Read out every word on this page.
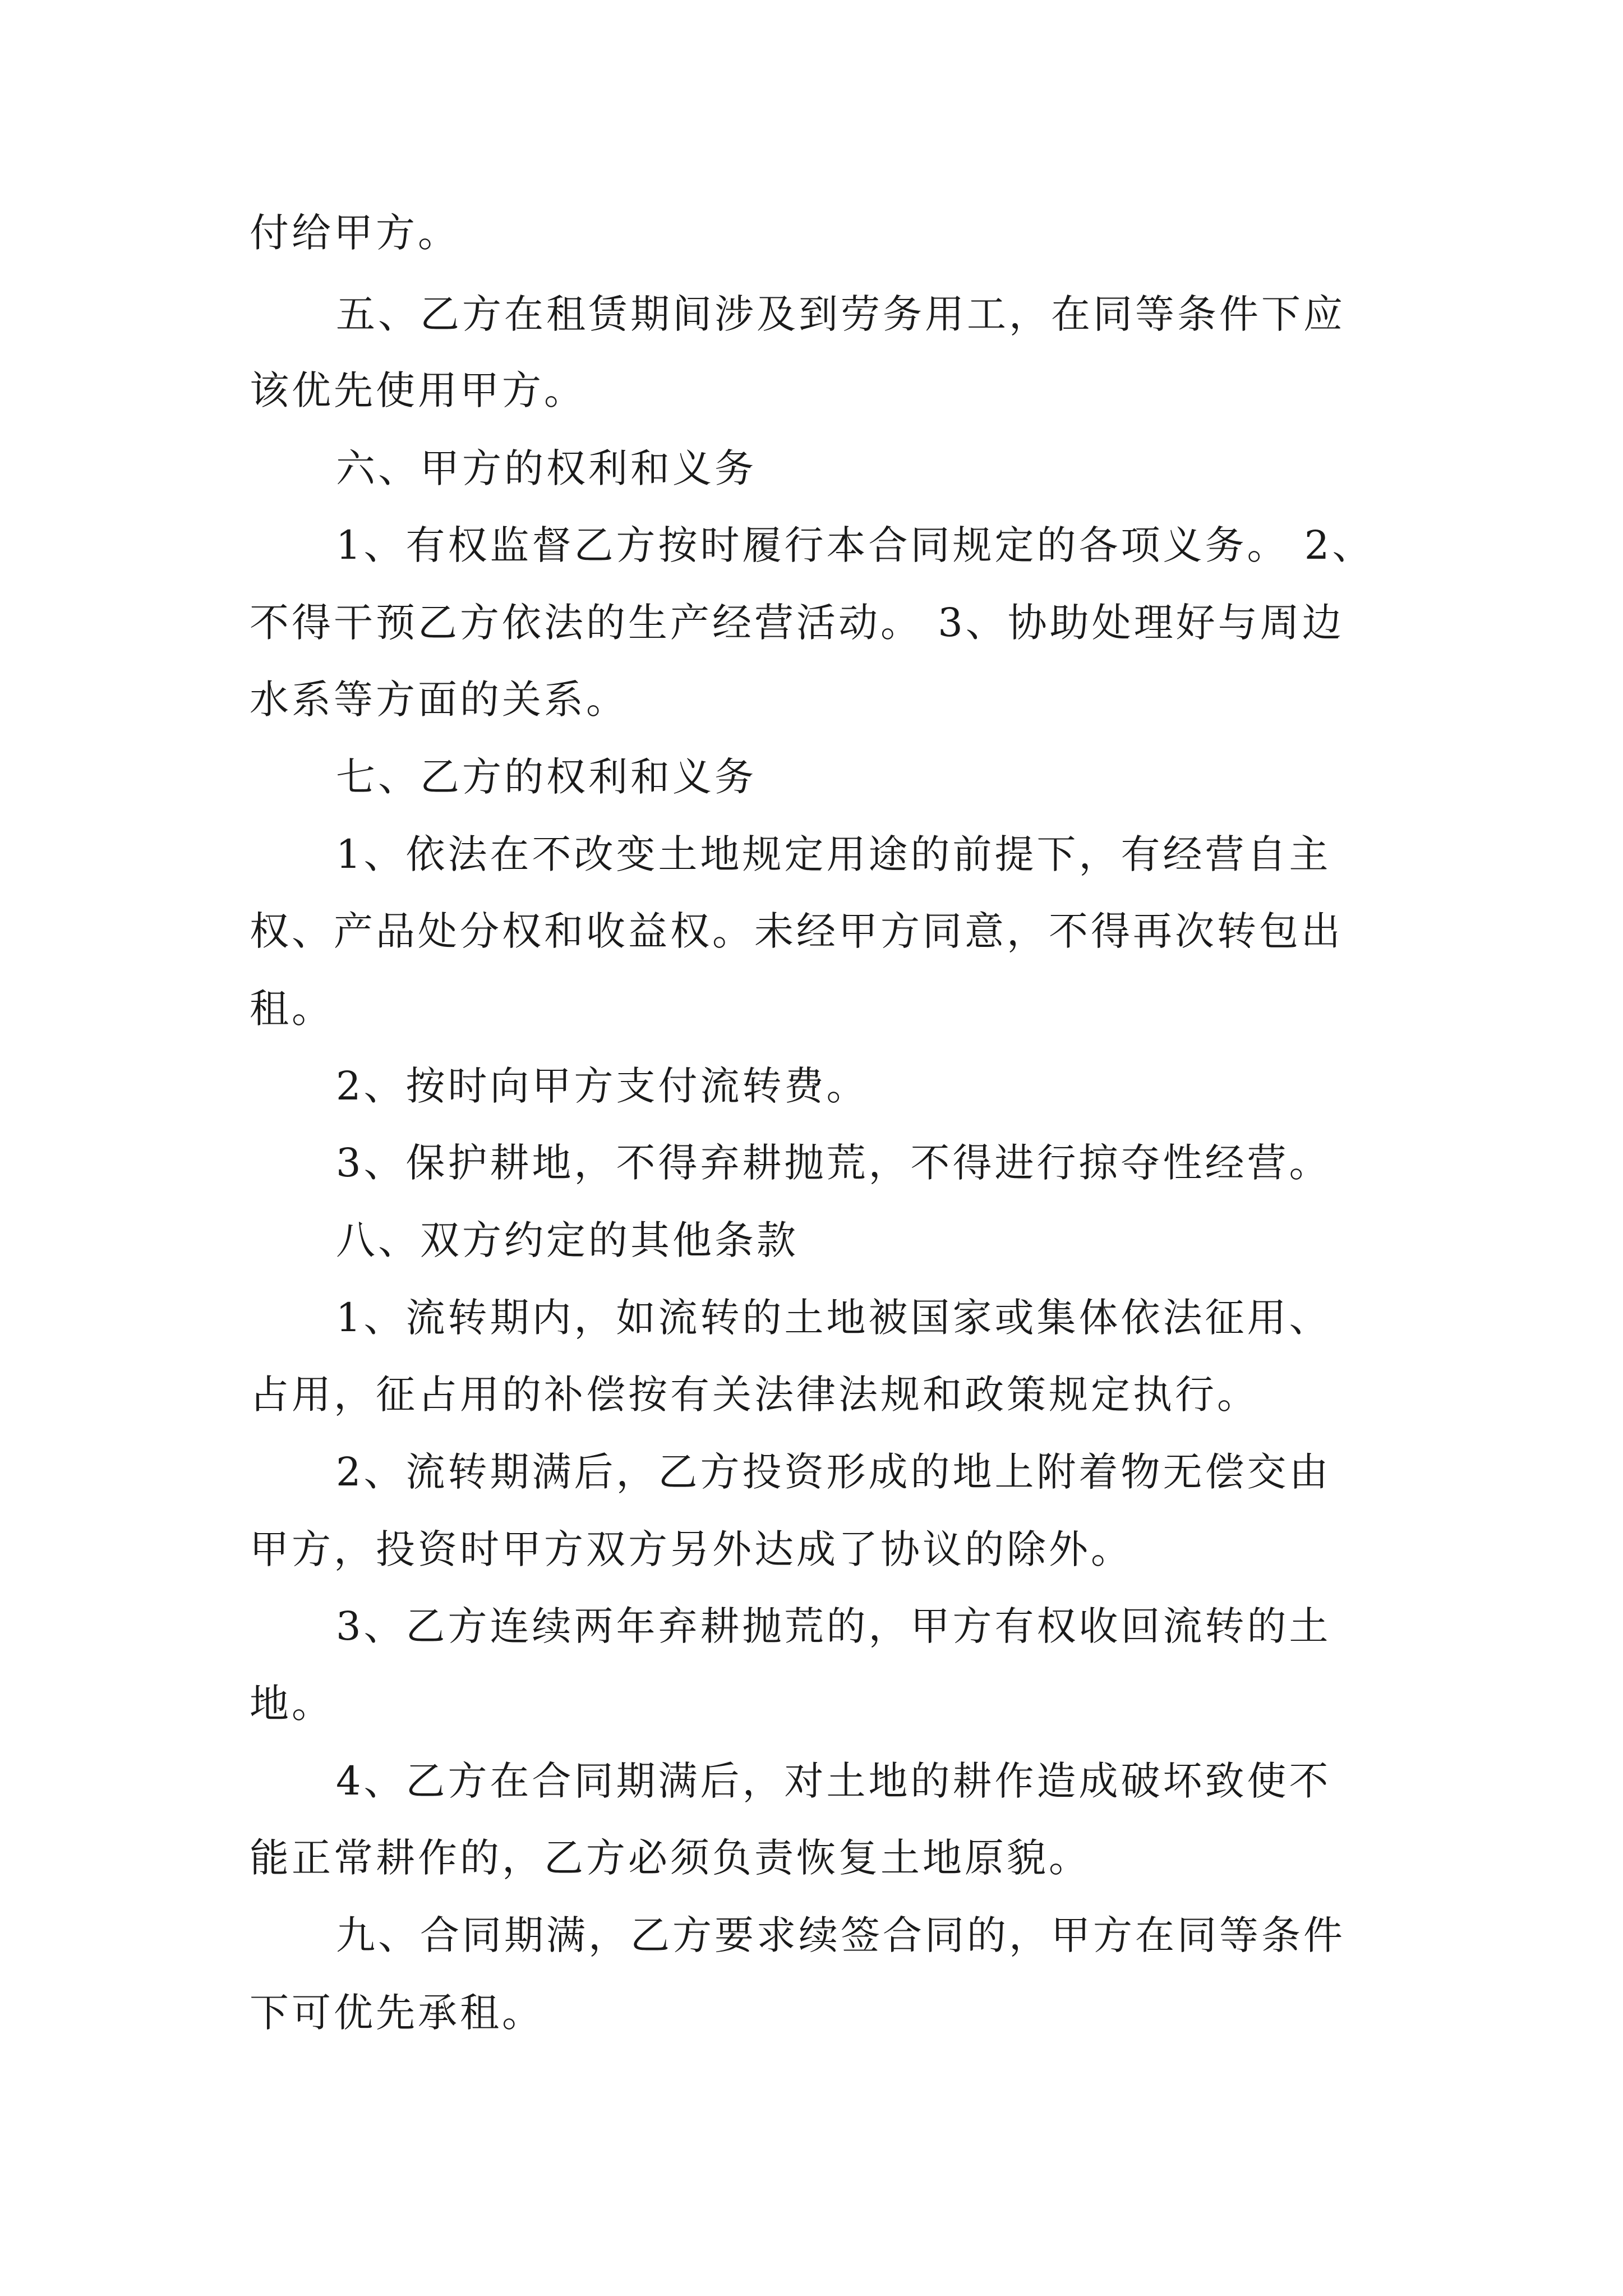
付给甲方。

五、乙方在租赁期间涉及到劳务用工，在同等条件下应

该优先使用甲方。

六、甲方的权利和义务

1、有权监督乙方按时履行本合同规定的各项义务。 2、

不得干预乙方依法的生产经营活动。 3、协助处理好与周边

水系等方面的关系。

七、乙方的权利和义务

1、依法在不改变土地规定用途的前提下，有经营自主

权、产品处分权和收益权。未经甲方同意，不得再次转包出

租。

2、按时向甲方支付流转费。

3、保护耕地，不得弃耕抛荒，不得进行掠夺性经营。

八、双方约定的其他条款

1、流转期内，如流转的土地被国家或集体依法征用、

占用，征占用的补偿按有关法律法规和政策规定执行。

2、流转期满后，乙方投资形成的地上附着物无偿交由

甲方，投资时甲方双方另外达成了协议的除外。

3、乙方连续两年弃耕抛荒的，甲方有权收回流转的土

地。

4、乙方在合同期满后，对土地的耕作造成破坏致使不

能正常耕作的，乙方必须负责恢复土地原貌。

九、合同期满，乙方要求续签合同的，甲方在同等条件

下可优先承租。
